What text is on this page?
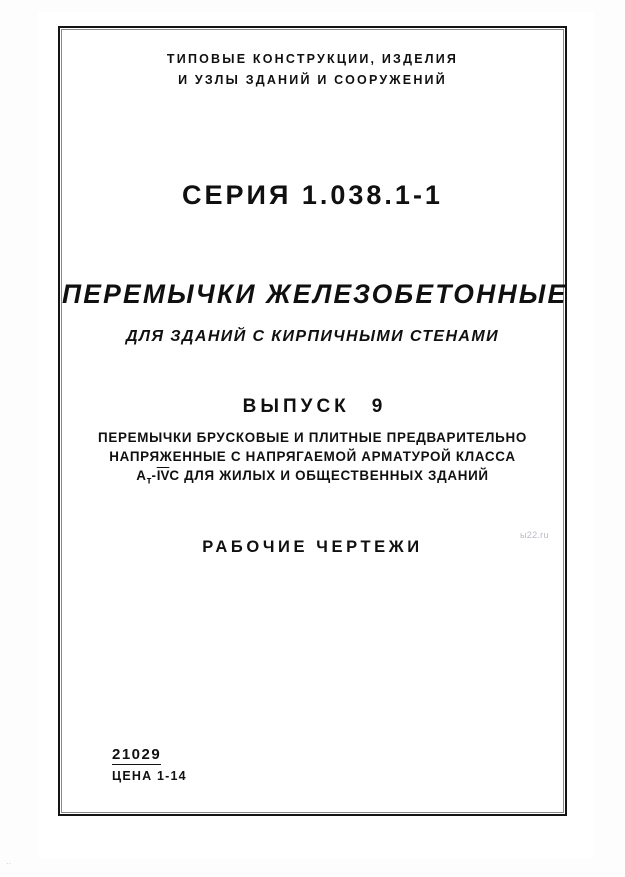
ТИПОВЫЕ КОНСТРУКЦИИ, ИЗДЕЛИЯ
И УЗЛЫ ЗДАНИЙ И СООРУЖЕНИЙ
СЕРИЯ 1.038.1-1
ПЕРЕМЫЧКИ ЖЕЛЕЗОБЕТОННЫЕ
ДЛЯ ЗДАНИЙ С КИРПИЧНЫМИ СТЕНАМИ
ВЫПУСК 9
ПЕРЕМЫЧКИ БРУСКОВЫЕ И ПЛИТНЫЕ ПРЕДВАРИТЕЛЬНО
НАПРЯЖЕННЫЕ С НАПРЯГАЕМОЙ АРМАТУРОЙ КЛАССА
$А_т-\overline{IV}C$ ДЛЯ ЖИЛЫХ И ОБЩЕСТВЕННЫХ ЗДАНИЙ
РАБОЧИЕ ЧЕРТЕЖИ
21029
ЦЕНА 1-14
ы22.ru
..
